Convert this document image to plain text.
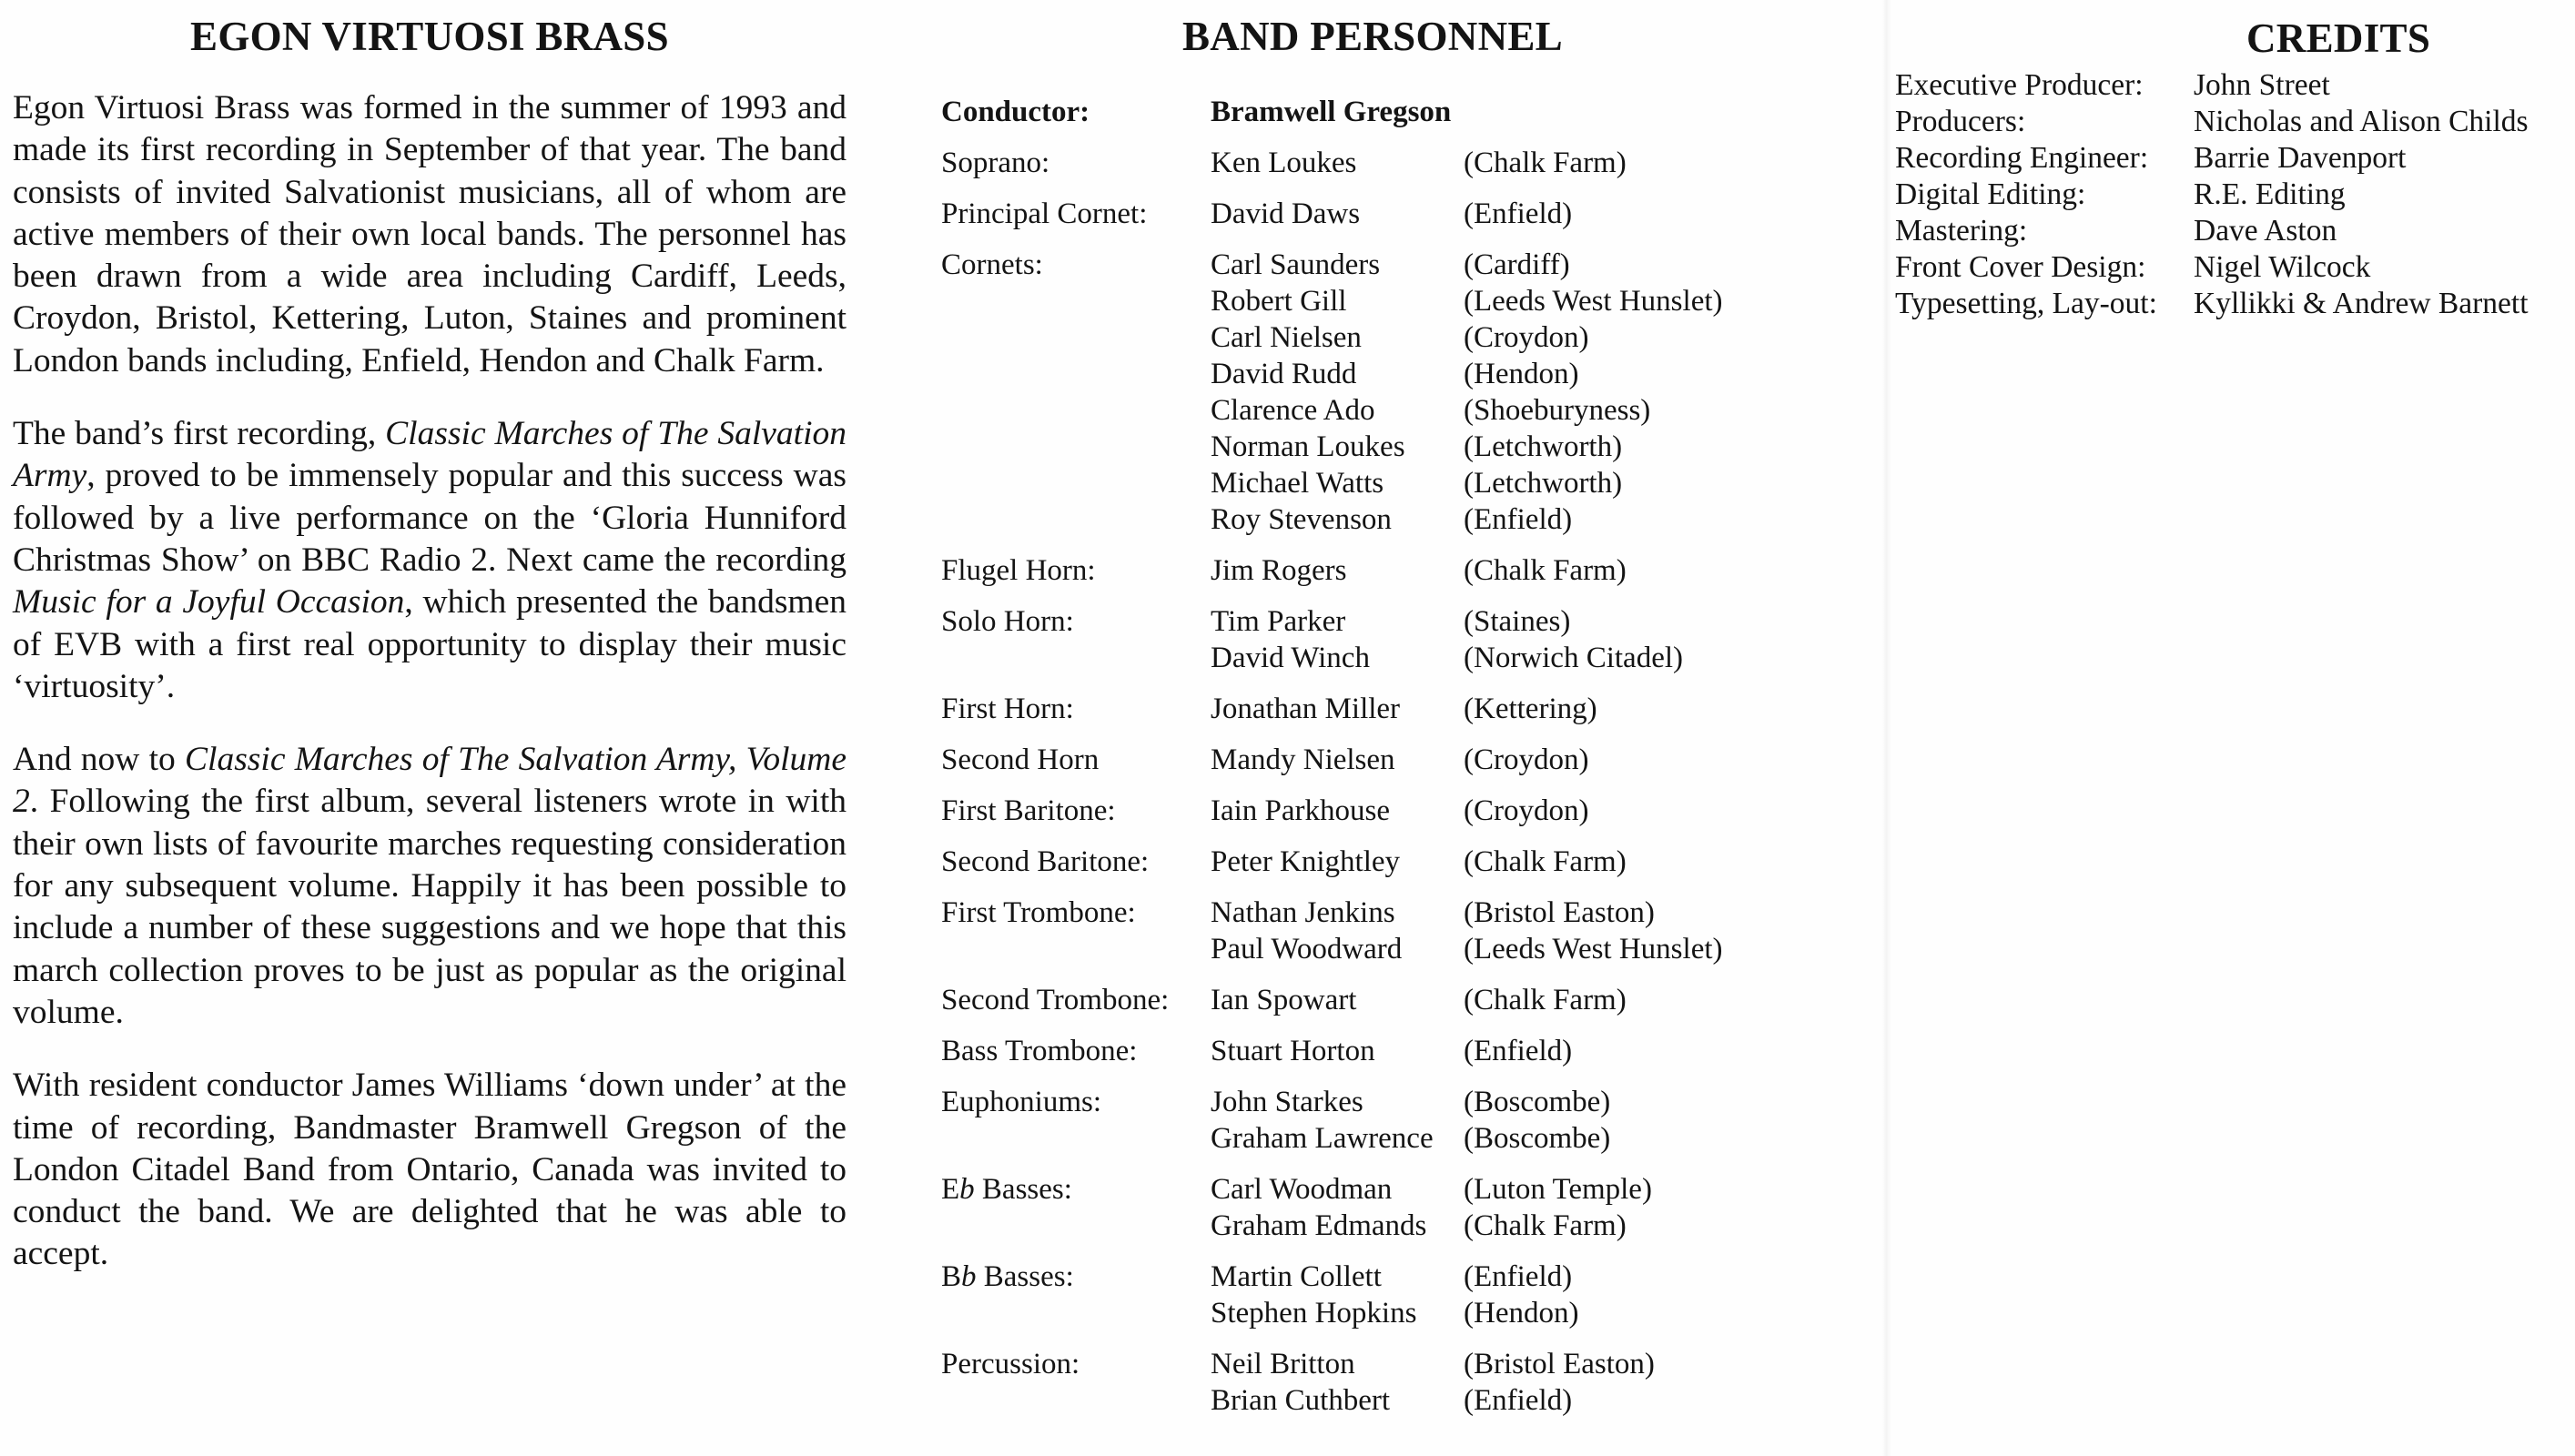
EGON VIRTUOSI BRASS

Egon Virtuosi Brass was formed in the summer of 1993 and made its first recording in September of that year. The band consists of invited Salvationist musicians, all of whom are active members of their own local bands. The personnel has been drawn from a wide area including Cardiff, Leeds, Croydon, Bristol, Kettering, Luton, Staines and prominent London bands including, Enfield, Hendon and Chalk Farm.

The band’s first recording, Classic Marches of The Salvation Army, proved to be immensely popular and this success was followed by a live performance on the ‘Gloria Hunniford Christmas Show’ on BBC Radio 2. Next came the recording Music for a Joyful Occasion, which presented the bandsmen of EVB with a first real opportunity to display their music ‘virtuosity’.

And now to Classic Marches of The Salvation Army, Volume 2. Following the first album, several listeners wrote in with their own lists of favourite marches requesting consideration for any subsequent volume. Happily it has been possible to include a number of these suggestions and we hope that this march collection proves to be just as popular as the original volume.

With resident conductor James Williams ‘down under’ at the time of recording, Bandmaster Bramwell Gregson of the London Citadel Band from Ontario, Canada was invited to conduct the band. We are delighted that he was able to accept.

BAND PERSONNEL
Conductor:	Bramwell Gregson
Soprano:	Ken Loukes	(Chalk Farm)
Principal Cornet:	David Daws	(Enfield)
Cornets:	Carl Saunders	(Cardiff)
Robert Gill	(Leeds West Hunslet)
Carl Nielsen	(Croydon)
David Rudd	(Hendon)
Clarence Ado	(Shoeburyness)
Norman Loukes	(Letchworth)
Michael Watts	(Letchworth)
Roy Stevenson	(Enfield)
Flugel Horn:	Jim Rogers	(Chalk Farm)
Solo Horn:	Tim Parker	(Staines)
David Winch	(Norwich Citadel)
First Horn:	Jonathan Miller	(Kettering)
Second Horn	Mandy Nielsen	(Croydon)
First Baritone:	Iain Parkhouse	(Croydon)
Second Baritone:	Peter Knightley	(Chalk Farm)
First Trombone:	Nathan Jenkins	(Bristol Easton)
Paul Woodward	(Leeds West Hunslet)
Second Trombone:	Ian Spowart	(Chalk Farm)
Bass Trombone:	Stuart Horton	(Enfield)
Euphoniums:	John Starkes	(Boscombe)
Graham Lawrence	(Boscombe)
Eb Basses:	Carl Woodman	(Luton Temple)
Graham Edmands	(Chalk Farm)
Bb Basses:	Martin Collett	(Enfield)
Stephen Hopkins	(Hendon)
Percussion:	Neil Britton	(Bristol Easton)
Brian Cuthbert	(Enfield)
CREDITS
Executive Producer:	John Street
Producers:	Nicholas and Alison Childs
Recording Engineer:	Barrie Davenport
Digital Editing:	R.E. Editing
Mastering:	Dave Aston
Front Cover Design:	Nigel Wilcock
Typesetting, Lay-out:	Kyllikki & Andrew Barnett
